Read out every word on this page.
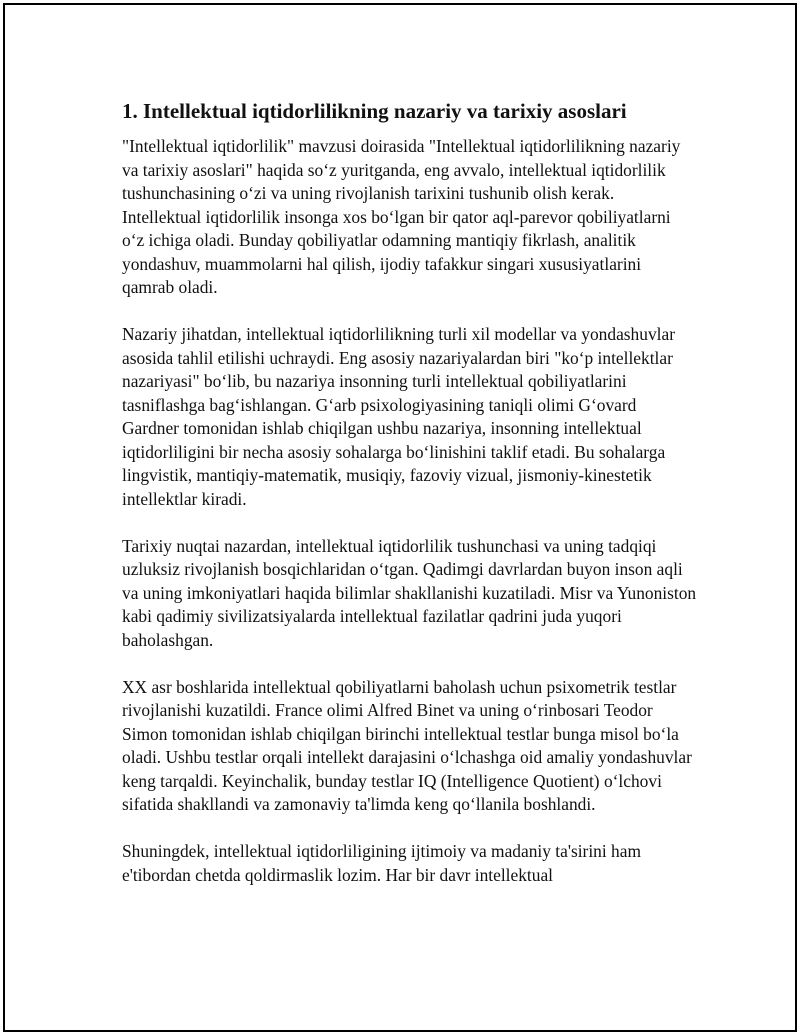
1. Intellektual iqtidorlilikning nazariy va tarixiy asoslari

"Intellektual iqtidorlilik" mavzusi doirasida "Intellektual iqtidorlilikning nazariy va tarixiy asoslari" haqida so‘z yuritganda, eng avvalo, intellektual iqtidorlilik tushunchasining o‘zi va uning rivojlanish tarixini tushunib olish kerak. Intellektual iqtidorlilik insonga xos bo‘lgan bir qator aql-parevor qobiliyatlarni o‘z ichiga oladi. Bunday qobiliyatlar odamning mantiqiy fikrlash, analitik yondashuv, muammolarni hal qilish, ijodiy tafakkur singari xususiyatlarini qamrab oladi.

Nazariy jihatdan, intellektual iqtidorlilikning turli xil modellar va yondashuvlar asosida tahlil etilishi uchraydi. Eng asosiy nazariyalardan biri "ko‘p intellektlar nazariyasi" bo‘lib, bu nazariya insonning turli intellektual qobiliyatlarini tasniflashga bag‘ishlangan. G‘arb psixologiyasining taniqli olimi G‘ovard Gardner tomonidan ishlab chiqilgan ushbu nazariya, insonning intellektual iqtidorliligini bir necha asosiy sohalarga bo‘linishini taklif etadi. Bu sohalarga lingvistik, mantiqiy-matematik, musiqiy, fazoviy vizual, jismoniy-kinestetik intellektlar kiradi.

Tarixiy nuqtai nazardan, intellektual iqtidorlilik tushunchasi va uning tadqiqi uzluksiz rivojlanish bosqichlaridan o‘tgan. Qadimgi davrlardan buyon inson aqli va uning imkoniyatlari haqida bilimlar shakllanishi kuzatiladi. Misr va Yunoniston kabi qadimiy sivilizatsiyalarda intellektual fazilatlar qadrini juda yuqori baholashgan.

XX asr boshlarida intellektual qobiliyatlarni baholash uchun psixometrik testlar rivojlanishi kuzatildi. France olimi Alfred Binet va uning o‘rinbosari Teodor Simon tomonidan ishlab chiqilgan birinchi intellektual testlar bunga misol bo‘la oladi. Ushbu testlar orqali intellekt darajasini o‘lchashga oid amaliy yondashuvlar keng tarqaldi. Keyinchalik, bunday testlar IQ (Intelligence Quotient) o‘lchovi sifatida shakllandi va zamonaviy ta'limda keng qo‘llanila boshlandi.

Shuningdek, intellektual iqtidorliligining ijtimoiy va madaniy ta'sirini ham e'tibordan chetda qoldirmaslik lozim. Har bir davr intellektual
